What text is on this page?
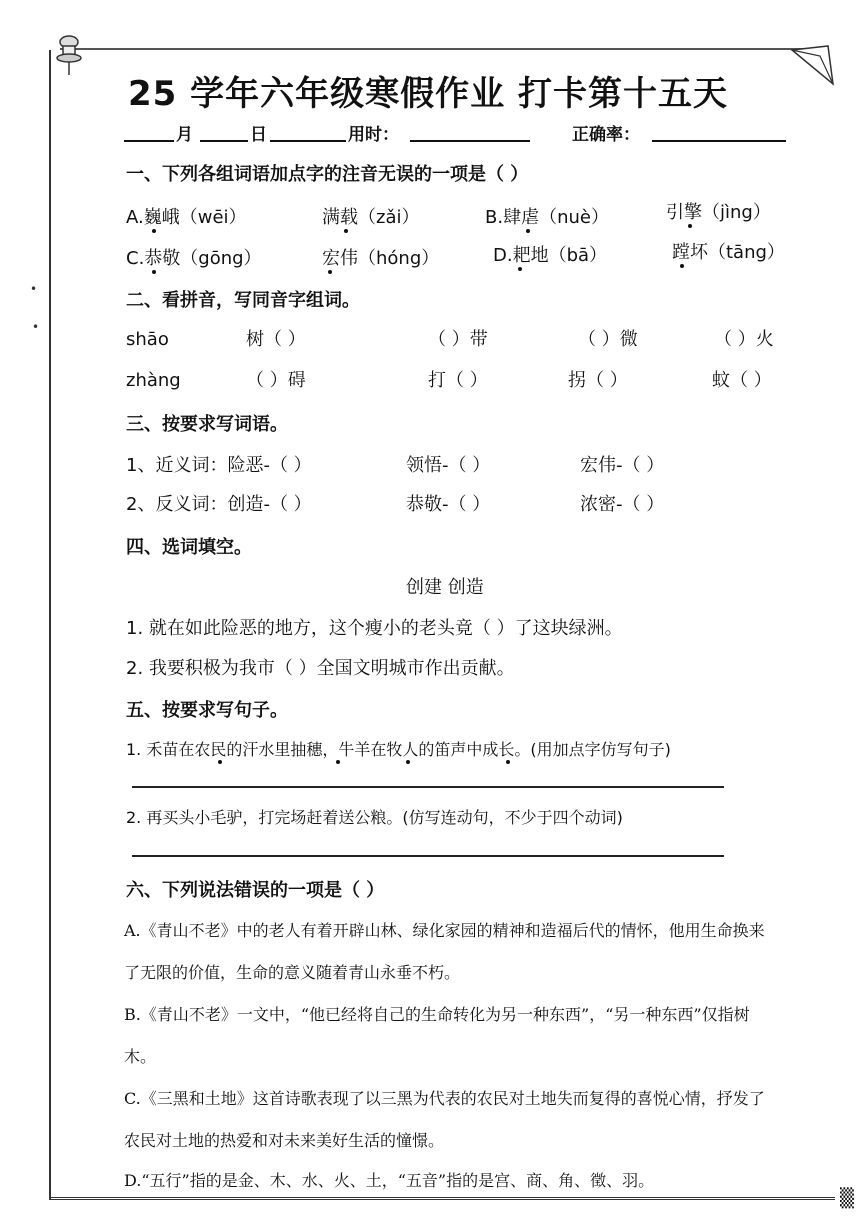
•
•
▒
25 学年六年级寒假作业 打卡第十五天
月	日	用时：	正确率：
一、下列各组词语加点字的注音无误的一项是（ ）
A.巍峨（wēi）	满载（zǎi）	B.肆虐（nuè）	引擎（jìng）
C.恭敬（gōng）	宏伟（hóng）	D.耙地（bā）	蹚坏（tāng）
二、看拼音，写同音字组词。
shāo	树（ ）	（ ）带	（ ）微	（ ）火
zhàng	（ ）碍	打（ ）	拐（ ）	蚊（ ）
三、按要求写词语。
1、近义词：险恶-（ ）	领悟-（ ）	宏伟-（ ）
2、反义词：创造-（ ）	恭敬-（ ）	浓密-（ ）
四、选词填空。
创建 创造
1. 就在如此险恶的地方，这个瘦小的老头竟（ ）了这块绿洲。
2. 我要积极为我市（ ）全国文明城市作出贡献。
五、按要求写句子。
1. 禾苗在农民的汗水里抽穗，牛羊在牧人的笛声中成长。(用加点字仿写句子)
2. 再买头小毛驴，打完场赶着送公粮。(仿写连动句，不少于四个动词)
六、下列说法错误的一项是（ ）
A.《青山不老》中的老人有着开辟山林、绿化家园的精神和造福后代的情怀，他用生命换来
了无限的价值，生命的意义随着青山永垂不朽。
B.《青山不老》一文中，“他已经将自己的生命转化为另一种东西”，“另一种东西”仅指树
木。
C.《三黑和土地》这首诗歌表现了以三黑为代表的农民对土地失而复得的喜悦心情，抒发了
农民对土地的热爱和对未来美好生活的憧憬。
D.“五行”指的是金、木、水、火、土，“五音”指的是宫、商、角、徵、羽。
